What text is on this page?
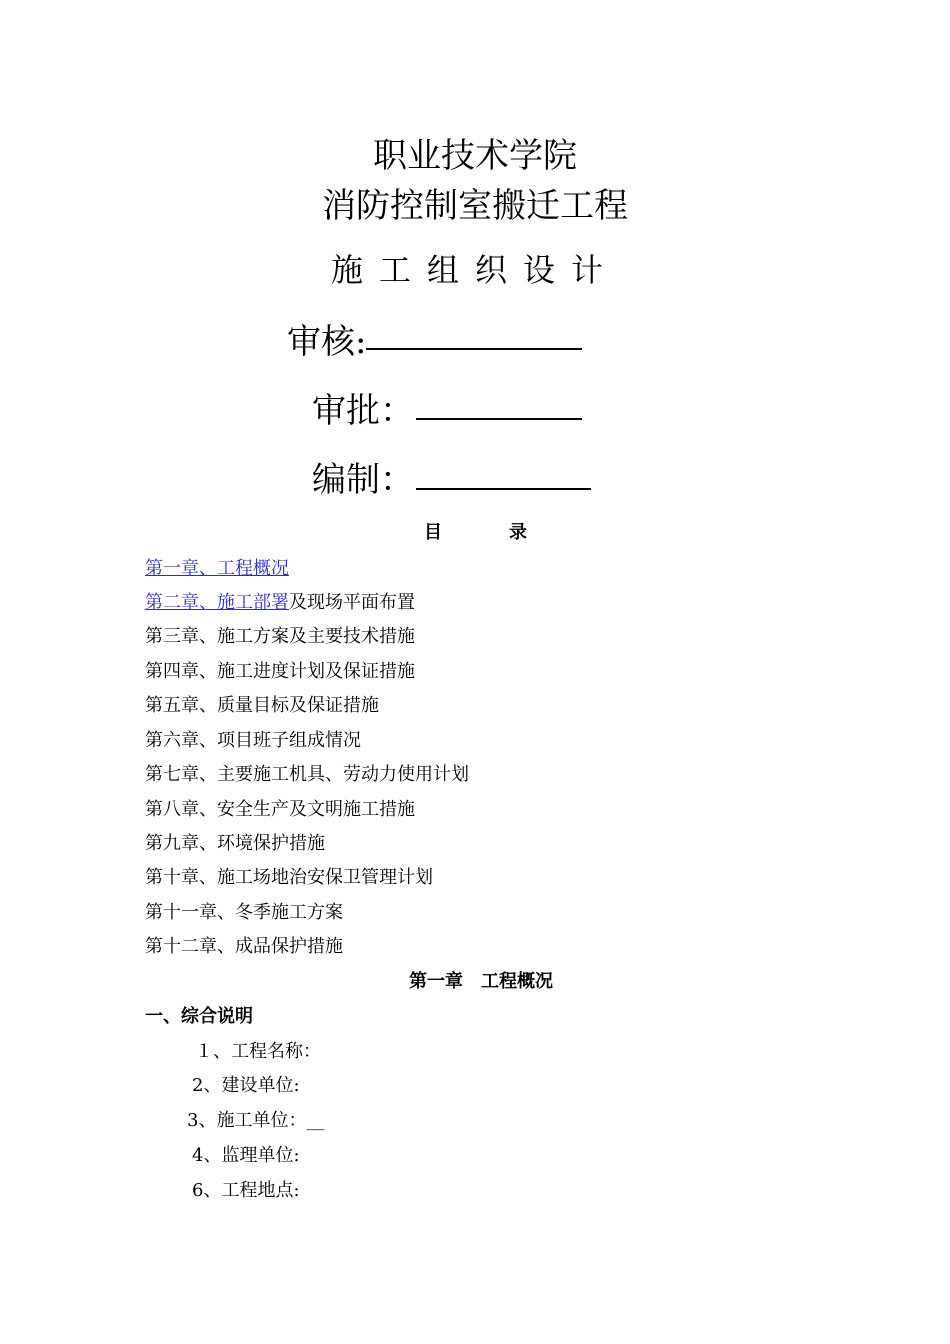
职业技术学院
消防控制室搬迁工程
施工组织设计
审核:
审批：
编制：
目	录
第一章、工程概况
第二章、施工部署及现场平面布置
第三章、施工方案及主要技术措施
第四章、施工进度计划及保证措施
第五章、质量目标及保证措施
第六章、项目班子组成情况
第七章、主要施工机具、劳动力使用计划
第八章、安全生产及文明施工措施
第九章、环境保护措施
第十章、施工场地治安保卫管理计划
第十一章、冬季施工方案
第十二章、成品保护措施
第一章　工程概况
一、综合说明
１、工程名称：
2、建设单位:
3、施工单位：__
4、监理单位:
6、工程地点:
